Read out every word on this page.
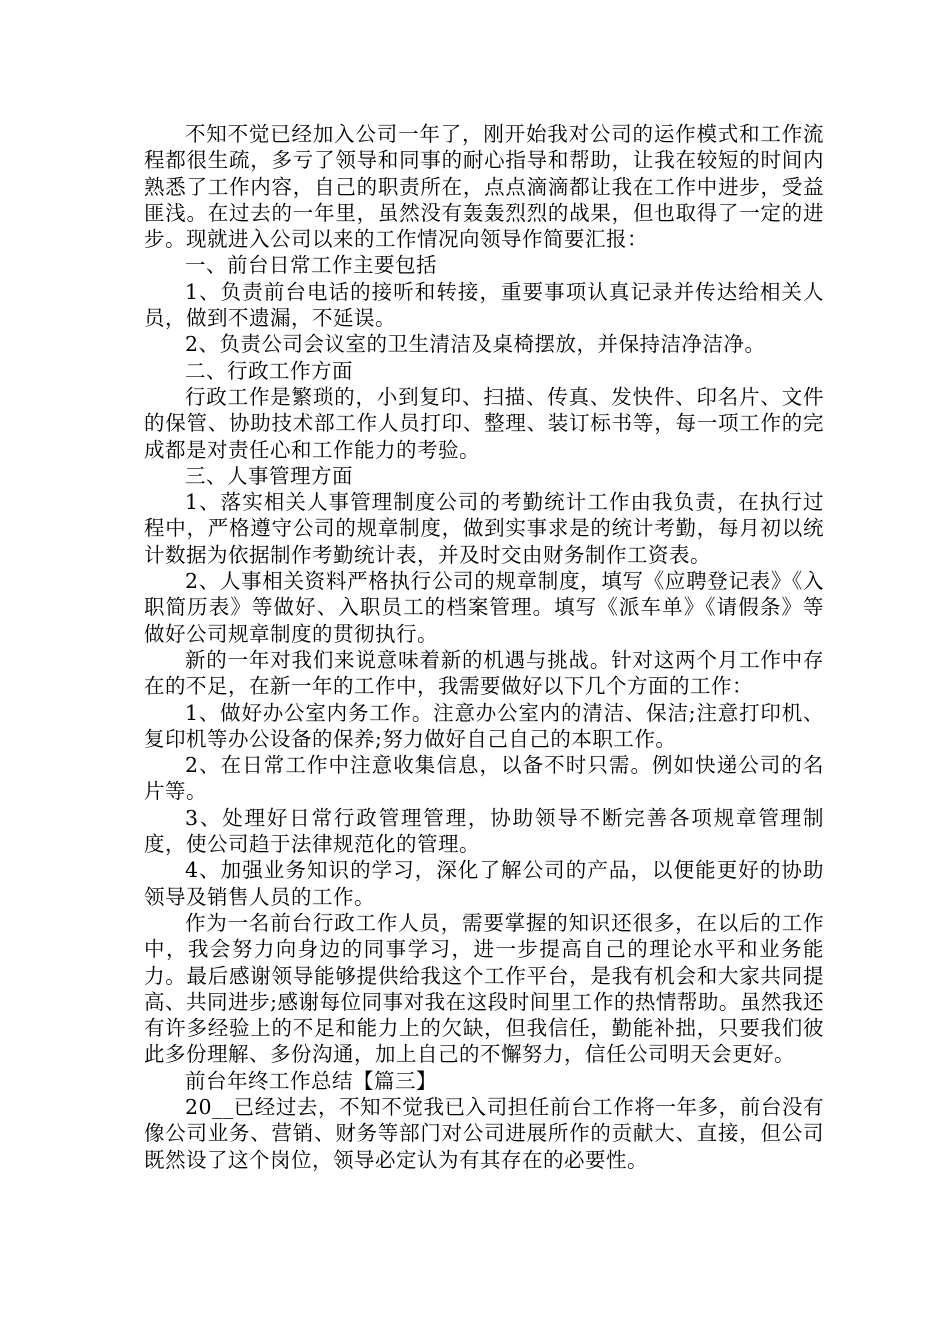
不知不觉已经加入公司一年了，刚开始我对公司的运作模式和工作流程都很生疏，多亏了领导和同事的耐心指导和帮助，让我在较短的时间内熟悉了工作内容，自己的职责所在，点点滴滴都让我在工作中进步，受益匪浅。在过去的一年里，虽然没有轰轰烈烈的战果，但也取得了一定的进步。现就进入公司以来的工作情况向领导作简要汇报：

一、前台日常工作主要包括

1、负责前台电话的接听和转接，重要事项认真记录并传达给相关人员，做到不遗漏，不延误。

2、负责公司会议室的卫生清洁及桌椅摆放，并保持洁净洁净。

二、行政工作方面

行政工作是繁琐的，小到复印、扫描、传真、发快件、印名片、文件的保管、协助技术部工作人员打印、整理、装订标书等，每一项工作的完成都是对责任心和工作能力的考验。

三、人事管理方面

1、落实相关人事管理制度公司的考勤统计工作由我负责，在执行过程中，严格遵守公司的规章制度，做到实事求是的统计考勤，每月初以统计数据为依据制作考勤统计表，并及时交由财务制作工资表。

2、人事相关资料严格执行公司的规章制度，填写《应聘登记表》《入职简历表》等做好、入职员工的档案管理。填写《派车单》《请假条》等做好公司规章制度的贯彻执行。

新的一年对我们来说意味着新的机遇与挑战。针对这两个月工作中存在的不足，在新一年的工作中，我需要做好以下几个方面的工作：

1、做好办公室内务工作。注意办公室内的清洁、保洁;注意打印机、复印机等办公设备的保养;努力做好自己自己的本职工作。

2、在日常工作中注意收集信息，以备不时只需。例如快递公司的名片等。

3、处理好日常行政管理管理，协助领导不断完善各项规章管理制度，使公司趋于法律规范化的管理。

4、加强业务知识的学习，深化了解公司的产品，以便能更好的协助领导及销售人员的工作。

作为一名前台行政工作人员，需要掌握的知识还很多，在以后的工作中，我会努力向身边的同事学习，进一步提高自己的理论水平和业务能力。最后感谢领导能够提供给我这个工作平台，是我有机会和大家共同提高、共同进步;感谢每位同事对我在这段时间里工作的热情帮助。虽然我还有许多经验上的不足和能力上的欠缺，但我信任，勤能补拙，只要我们彼此多份理解、多份沟通，加上自己的不懈努力，信任公司明天会更好。

前台年终工作总结【篇三】

20__已经过去，不知不觉我已入司担任前台工作将一年多，前台没有像公司业务、营销、财务等部门对公司进展所作的贡献大、直接，但公司既然设了这个岗位，领导必定认为有其存在的必要性。
